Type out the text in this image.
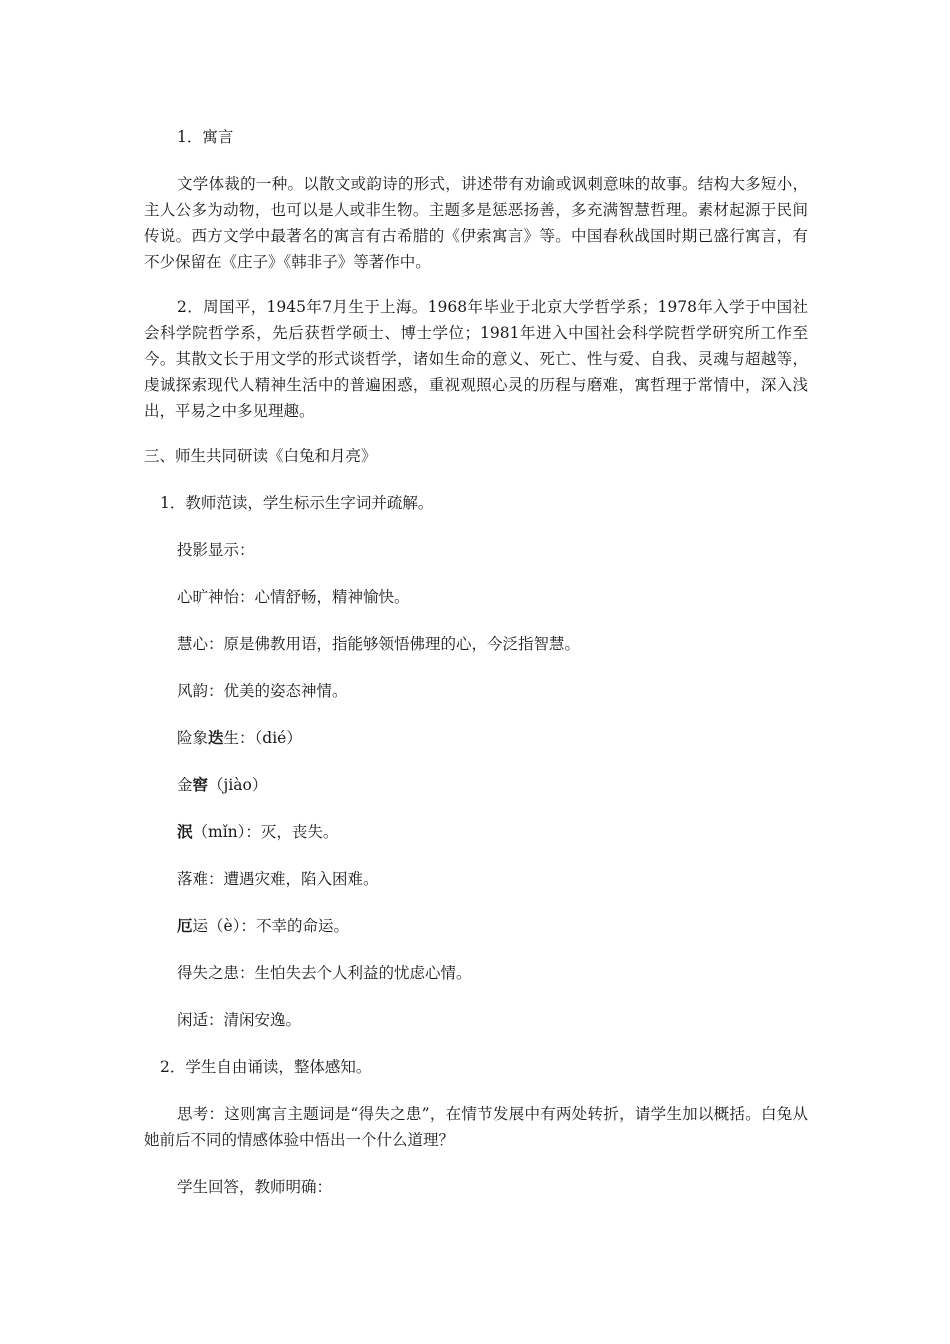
1．寓言
文学体裁的一种。以散文或韵诗的形式，讲述带有劝谕或讽刺意味的故事。结构大多短小，主人公多为动物，也可以是人或非生物。主题多是惩恶扬善，多充满智慧哲理。素材起源于民间传说。西方文学中最著名的寓言有古希腊的《伊索寓言》等。中国春秋战国时期已盛行寓言，有不少保留在《庄子》《韩非子》等著作中。
2．周国平，1945年7月生于上海。1968年毕业于北京大学哲学系；1978年入学于中国社会科学院哲学系，先后获哲学硕士、博士学位；1981年进入中国社会科学院哲学研究所工作至今。其散文长于用文学的形式谈哲学，诸如生命的意义、死亡、性与爱、自我、灵魂与超越等，虔诚探索现代人精神生活中的普遍困惑，重视观照心灵的历程与磨难，寓哲理于常情中，深入浅出，平易之中多见理趣。
三、师生共同研读《白兔和月亮》
1．教师范读，学生标示生字词并疏解。
投影显示：
心旷神怡：心情舒畅，精神愉快。
慧心：原是佛教用语，指能够领悟佛理的心，今泛指智慧。
风韵：优美的姿态神情。
险象迭生：（dié）
金窖（jiào）
泯（mǐn）：灭，丧失。
落难：遭遇灾难，陷入困难。
厄运（è）：不幸的命运。
得失之患：生怕失去个人利益的忧虑心情。
闲适：清闲安逸。
2．学生自由诵读，整体感知。
思考：这则寓言主题词是“得失之患”，在情节发展中有两处转折，请学生加以概括。白兔从她前后不同的情感体验中悟出一个什么道理？
学生回答，教师明确：
